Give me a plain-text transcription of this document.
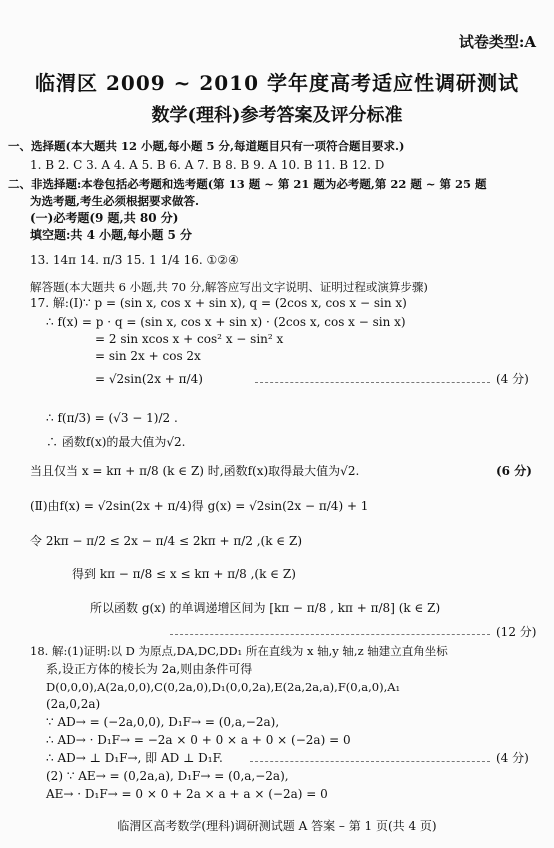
试卷类型:A
临渭区 2009 ~ 2010 学年度高考适应性调研测试
数学(理科)参考答案及评分标准
一、选择题(本大题共 12 小题,每小题 5 分,每道题目只有一项符合题目要求.)
1. B 2. C 3. A 4. A 5. B 6. A 7. B 8. B 9. A 10. B 11. B 12. D
二、非选择题:本卷包括必考题和选考题(第 13 题 ~ 第 21 题为必考题,第 22 题 ~ 第 25 题
为选考题,考生必须根据要求做答.
(一)必考题(9 题,共 80 分)
填空题:共 4 小题,每小题 5 分
13. 14π 14. π/3 15. 1 1/4 16. ①②④
解答题(本大题共 6 小题,共 70 分,解答应写出文字说明、证明过程或演算步骤)
17. 解:(Ⅰ)∵ p = (sin x, cos x + sin x), q = (2cos x, cos x − sin x)
∴ f(x) = p · q = (sin x, cos x + sin x) · (2cos x, cos x − sin x)
= 2 sin xcos x + cos² x − sin² x
= sin 2x + cos 2x
= √2sin(2x + π/4)	(4 分)
∴ f(π/3) = (√3 − 1)/2 .
∴ 函数f(x)的最大值为√2.
当且仅当 x = kπ + π/8 (k ∈ Z) 时,函数f(x)取得最大值为√2.	(6 分)
(Ⅱ)由f(x) = √2sin(2x + π/4)得 g(x) = √2sin(2x − π/4) + 1
令 2kπ − π/2 ≤ 2x − π/4 ≤ 2kπ + π/2 ,(k ∈ Z)
得到 kπ − π/8 ≤ x ≤ kπ + π/8 ,(k ∈ Z)
所以函数 g(x) 的单调递增区间为 [kπ − π/8 , kπ + π/8] (k ∈ Z)
(12 分)
18. 解:(1)证明:以 D 为原点,DA,DC,DD₁ 所在直线为 x 轴,y 轴,z 轴建立直角坐标
系,设正方体的棱长为 2a,则由条件可得
D(0,0,0),A(2a,0,0),C(0,2a,0),D₁(0,0,2a),E(2a,2a,a),F(0,a,0),A₁
(2a,0,2a)
∵ AD→ = (−2a,0,0), D₁F→ = (0,a,−2a),
∴ AD→ · D₁F→ = −2a × 0 + 0 × a + 0 × (−2a) = 0
∴ AD→ ⊥ D₁F→, 即 AD ⊥ D₁F.	(4 分)
(2) ∵ AE→ = (0,2a,a), D₁F→ = (0,a,−2a),
AE→ · D₁F→ = 0 × 0 + 2a × a + a × (−2a) = 0
临渭区高考数学(理科)调研测试题 A 答案 – 第 1 页(共 4 页)
